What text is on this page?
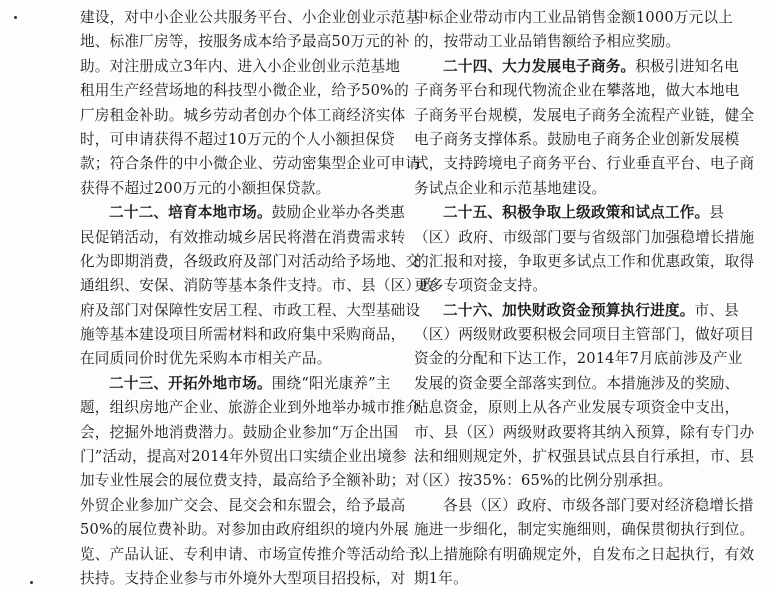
建设，对中小企业公共服务平台、小企业创业示范基
地、标准厂房等，按服务成本给予最高50万元的补
助。对注册成立3年内、进入小企业创业示范基地
租用生产经营场地的科技型小微企业，给予50%的
厂房租金补助。城乡劳动者创办个体工商经济实体
时，可申请获得不超过10万元的个人小额担保贷
款；符合条件的中小微企业、劳动密集型企业可申请
获得不超过200万元的小额担保贷款。
二十二、培育本地市场。鼓励企业举办各类惠
民促销活动，有效推动城乡居民将潜在消费需求转
化为即期消费，各级政府及部门对活动给予场地、交
通组织、安保、消防等基本条件支持。市、县（区）政
府及部门对保障性安居工程、市政工程、大型基础设
施等基本建设项目所需材料和政府集中采购商品，
在同质同价时优先采购本市相关产品。
二十三、开拓外地市场。围绕“阳光康养”主
题，组织房地产企业、旅游企业到外地举办城市推介
会，挖掘外地消费潜力。鼓励企业参加“万企出国
门”活动，提高对2014年外贸出口实绩企业出境参
加专业性展会的展位费支持，最高给予全额补助；对
外贸企业参加广交会、昆交会和东盟会，给予最高
50%的展位费补助。对参加由政府组织的境内外展
览、产品认证、专利申请、市场宣传推介等活动给予
扶持。支持企业参与市外境外大型项目招投标，对
中标企业带动市内工业品销售金额1000万元以上
的，按带动工业品销售额给予相应奖励。
二十四、大力发展电子商务。积极引进知名电
子商务平台和现代物流企业在攀落地，做大本地电
子商务平台规模，发展电子商务全流程产业链，健全
电子商务支撑体系。鼓励电子商务企业创新发展模
式，支持跨境电子商务平台、行业垂直平台、电子商
务试点企业和示范基地建设。
二十五、积极争取上级政策和试点工作。县
（区）政府、市级部门要与省级部门加强稳增长措施
的汇报和对接，争取更多试点工作和优惠政策，取得
更多专项资金支持。
二十六、加快财政资金预算执行进度。市、县
（区）两级财政要积极会同项目主管部门，做好项目
资金的分配和下达工作，2014年7月底前涉及产业
发展的资金要全部落实到位。本措施涉及的奖励、
贴息资金，原则上从各产业发展专项资金中支出，
市、县（区）两级财政要将其纳入预算，除有专门办
法和细则规定外，扩权强县试点县自行承担，市、县
（区）按35%：65%的比例分别承担。
各县（区）政府、市级各部门要对经济稳增长措
施进一步细化，制定实施细则，确保贯彻执行到位。
以上措施除有明确规定外，自发布之日起执行，有效
期1年。
